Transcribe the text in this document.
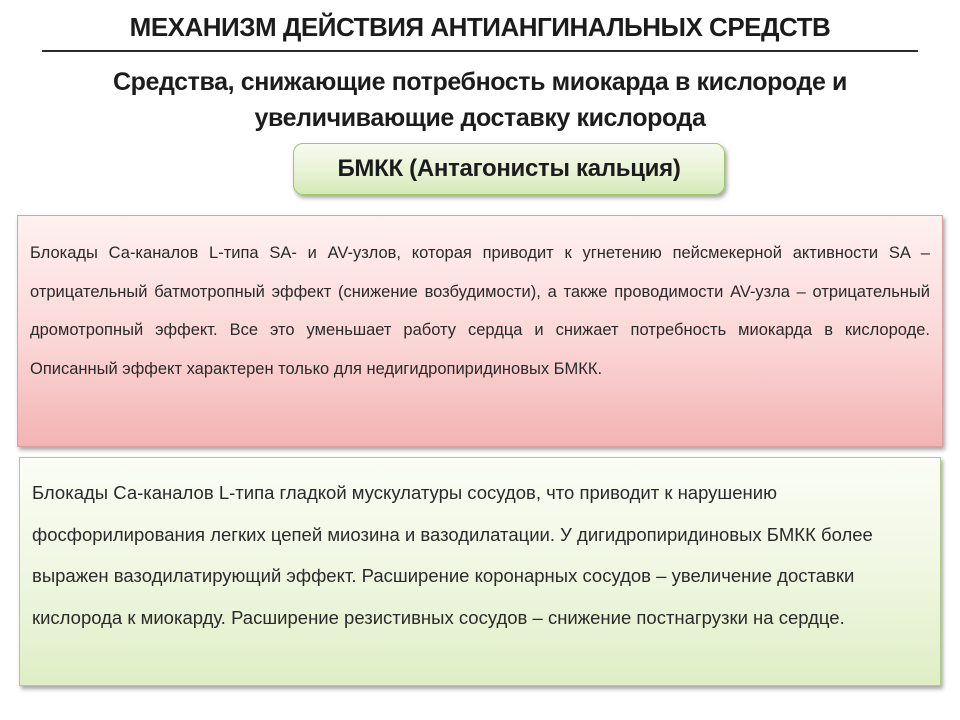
МЕХАНИЗМ ДЕЙСТВИЯ АНТИАНГИНАЛЬНЫХ СРЕДСТВ
Средства, снижающие потребность миокарда в кислороде и увеличивающие доставку кислорода
БМКК (Антагонисты кальция)
Блокады Са-каналов L-типа SA- и AV-узлов, которая приводит к угнетению пейсмекерной активности SA – отрицательный батмотропный эффект (снижение возбудимости), а также проводимости AV-узла – отрицательный дромотропный эффект. Все это уменьшает работу сердца и снижает потребность миокарда в кислороде. Описанный эффект характерен только для недигидропиридиновых БМКК.
Блокады Са-каналов L-типа гладкой мускулатуры сосудов, что приводит к нарушению фосфорилирования легких цепей миозина и вазодилатации. У дигидропиридиновых БМКК более выражен вазодилатирующий эффект. Расширение коронарных сосудов – увеличение доставки кислорода к миокарду. Расширение резистивных сосудов – снижение постнагрузки на сердце.
